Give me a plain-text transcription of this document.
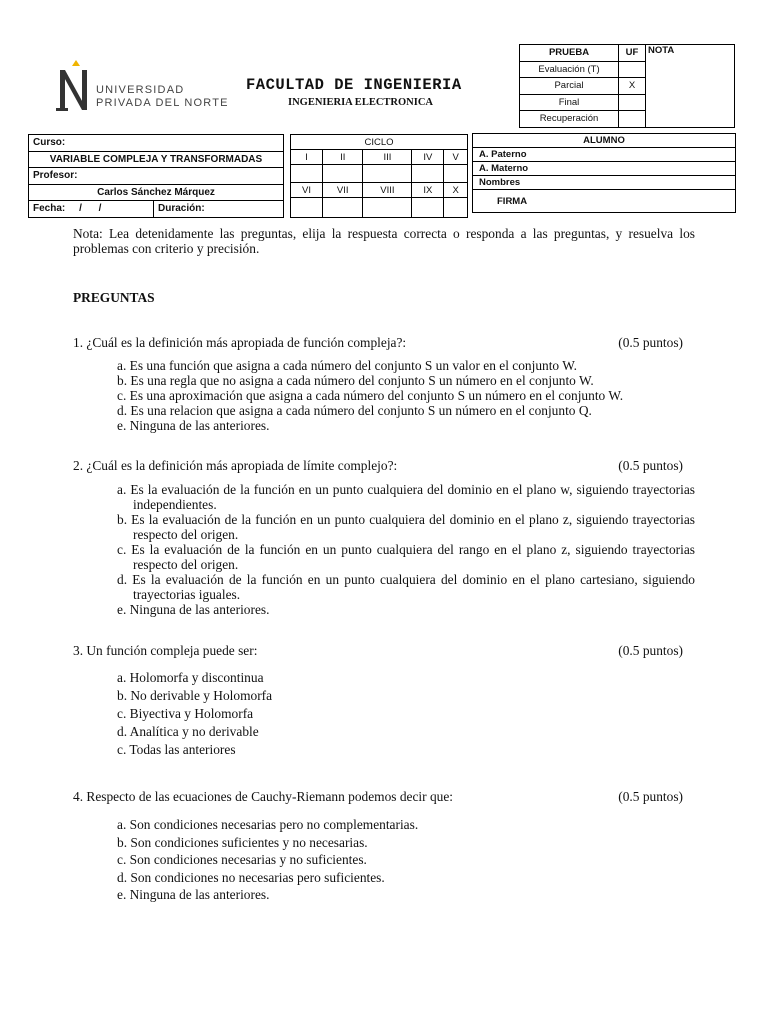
PRUEBA	UF	NOTA
Evaluación (T)		
Parcial	X	
Final		
Recuperación		
UNIVERSIDAD
PRIVADA DEL NORTE
FACULTAD DE INGENIERIA
INGENIERIA ELECTRONICA
Curso:
VARIABLE COMPLEJA Y TRANSFORMADAS
Profesor:
Carlos Sánchez Márquez
Fecha: /      /	Duración:
CICLO				
I	II	III	IV	V

VI	VII	VIII	IX	X

ALUMNO
A. Paterno
A. Materno
Nombres
FIRMA
Nota: Lea detenidamente las preguntas, elija la respuesta correcta o responda a las preguntas, y resuelva los problemas con criterio y precisión.
PREGUNTAS
1. ¿Cuál es la definición más apropiada de función compleja?:	(0.5 puntos)
a. Es una función que asigna a cada número del conjunto S un valor en el conjunto W.
b. Es una regla que no asigna a cada número del conjunto S un número en el conjunto W.
c. Es una aproximación que asigna a cada número del conjunto S un número en el conjunto W.
d. Es una relacion que asigna a cada número del conjunto S un número en el conjunto Q.
e. Ninguna de las anteriores.
2. ¿Cuál es la definición más apropiada de límite complejo?:	(0.5 puntos)
a. Es la evaluación de la función en un punto cualquiera del dominio en el plano w, siguiendo trayectorias independientes.
b. Es la evaluación de la función en un punto cualquiera del dominio en el plano z, siguiendo trayectorias respecto del origen.
c. Es la evaluación de la función en un punto cualquiera del rango en el plano z, siguiendo trayectorias respecto del origen.
d. Es la evaluación de la función en un punto cualquiera del dominio en el plano cartesiano, siguiendo trayectorias iguales.
e. Ninguna de las anteriores.
3. Un función compleja puede ser:	(0.5 puntos)
a. Holomorfa y discontinua
b. No derivable y Holomorfa
c. Biyectiva y Holomorfa
d. Analítica y no derivable
c. Todas las anteriores
4. Respecto de las ecuaciones de Cauchy-Riemann podemos decir que:	(0.5 puntos)
a. Son condiciones necesarias pero no complementarias.
b. Son condiciones suficientes y no necesarias.
c. Son condiciones necesarias y no suficientes.
d. Son condiciones no necesarias pero suficientes.
e. Ninguna de las anteriores.
